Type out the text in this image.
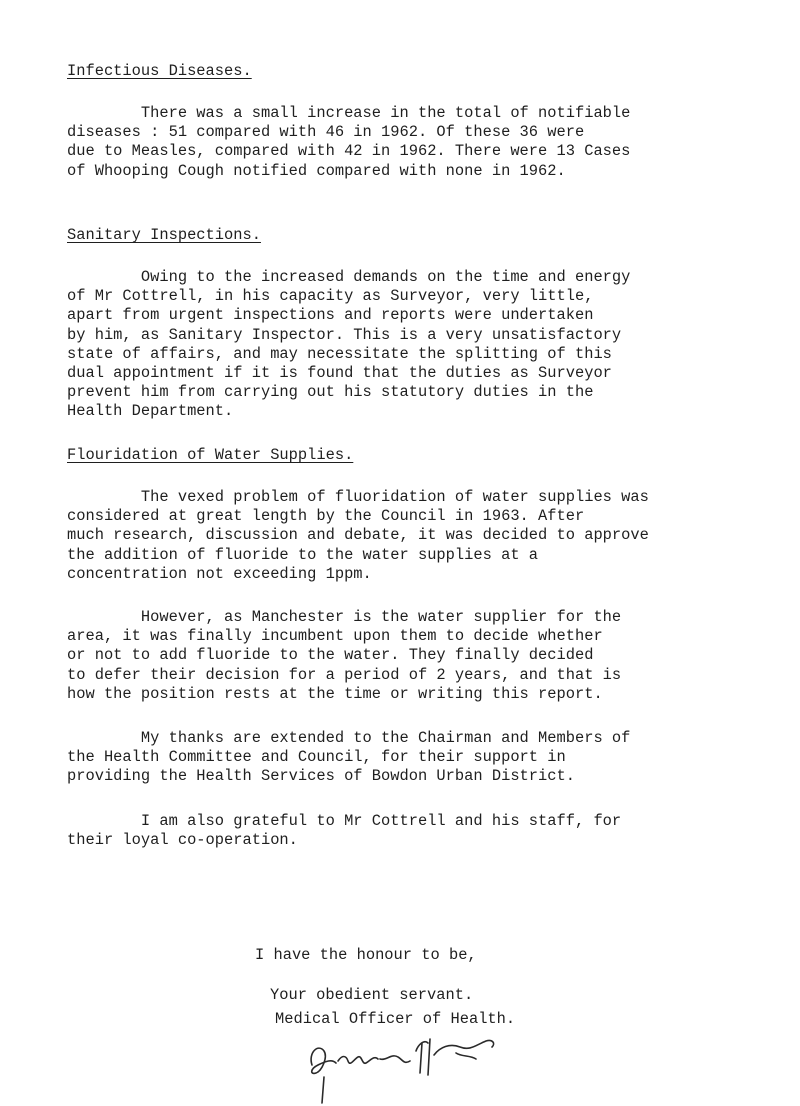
Infectious Diseases.
There was a small increase in the total of notifiable
diseases : 51 compared with 46 in 1962. Of these 36 were
due to Measles, compared with 42 in 1962. There were 13 Cases
of Whooping Cough notified compared with none in 1962.
Sanitary Inspections.
Owing to the increased demands on the time and energy
of Mr Cottrell, in his capacity as Surveyor, very little,
apart from urgent inspections and reports were undertaken
by him, as Sanitary Inspector. This is a very unsatisfactory
state of affairs, and may necessitate the splitting of this
dual appointment if it is found that the duties as Surveyor
prevent him from carrying out his statutory duties in the
Health Department.
Flouridation of Water Supplies.
The vexed problem of fluoridation of water supplies was
considered at great length by the Council in 1963. After
much research, discussion and debate, it was decided to approve
the addition of fluoride to the water supplies at a
concentration not exceeding 1ppm.
However, as Manchester is the water supplier for the
area, it was finally incumbent upon them to decide whether
or not to add fluoride to the water. They finally decided
to defer their decision for a period of 2 years, and that is
how the position rests at the time or writing this report.
My thanks are extended to the Chairman and Members of
the Health Committee and Council, for their support in
providing the Health Services of Bowdon Urban District.
I am also grateful to Mr Cottrell and his staff, for
their loyal co-operation.
I have the honour to be,
Your obedient servant.
Medical Officer of Health.
